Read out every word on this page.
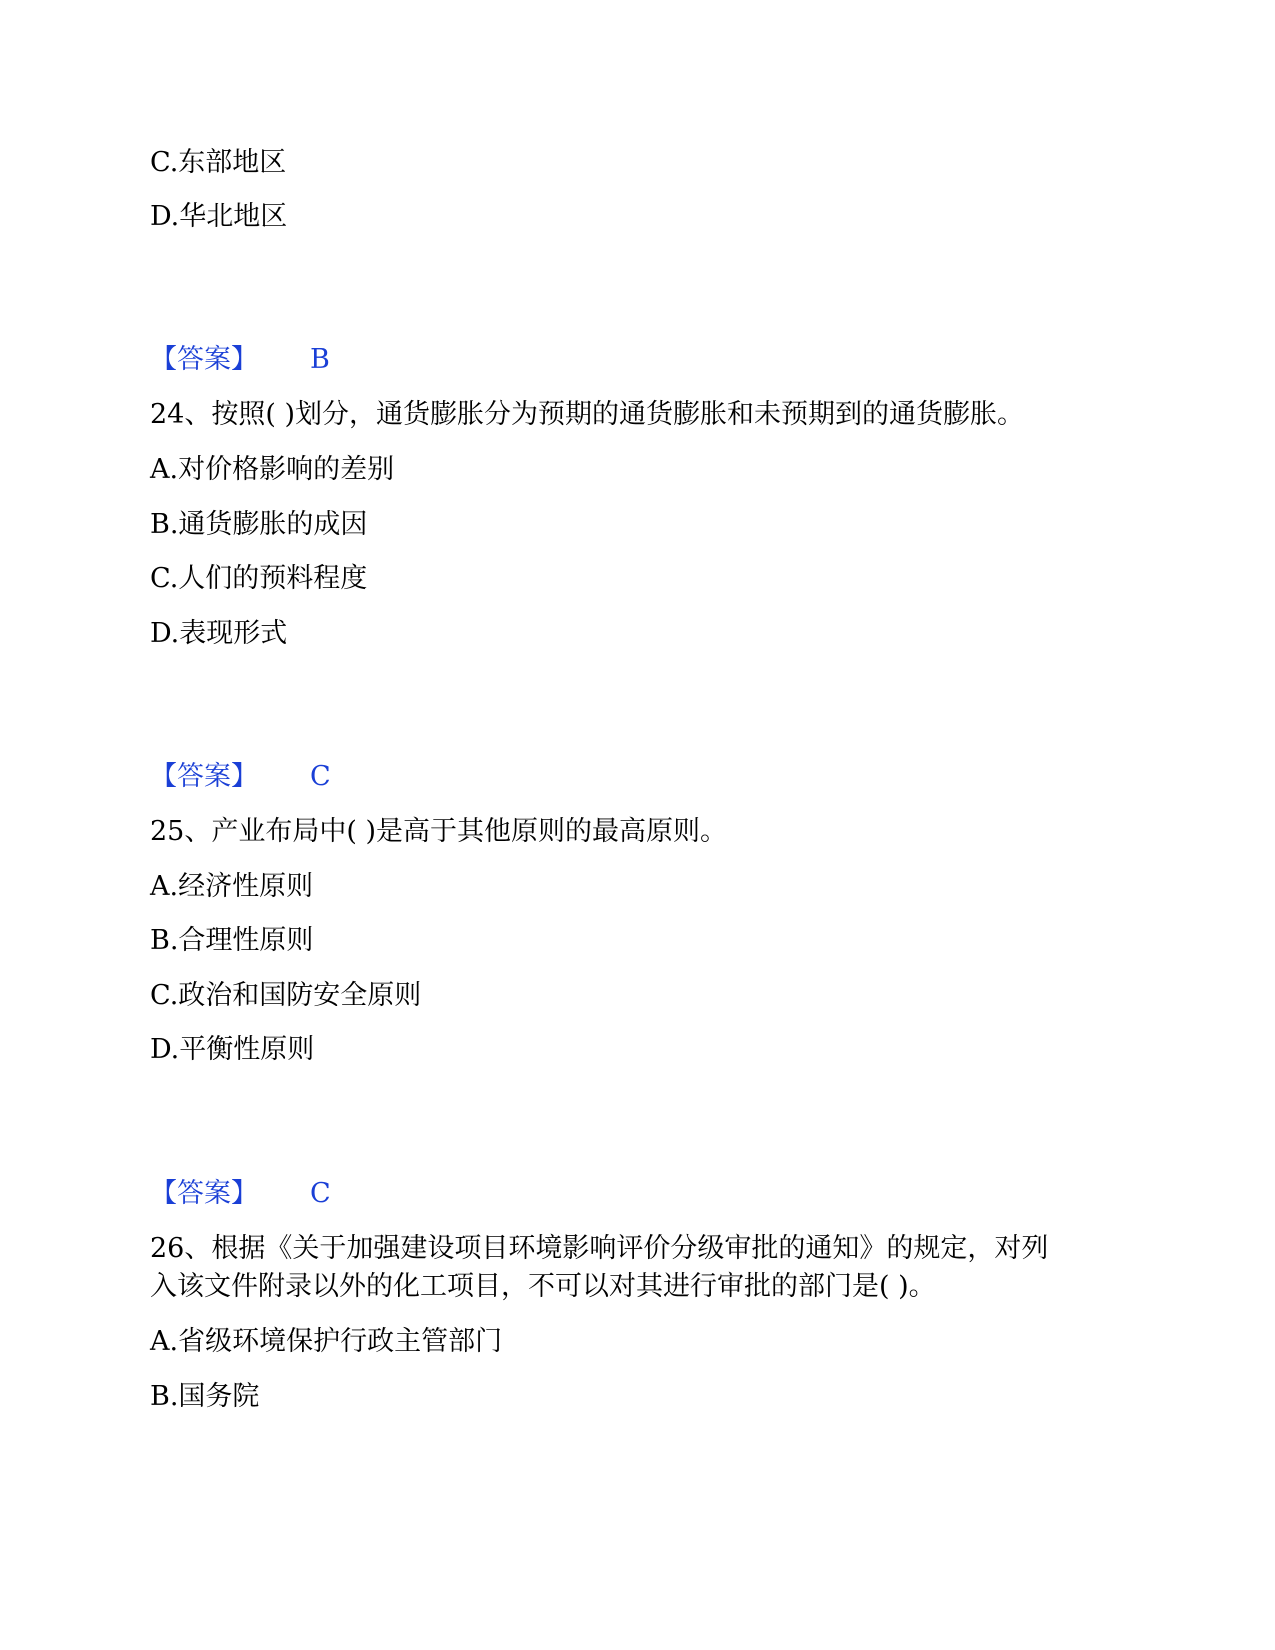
C.东部地区
D.华北地区
【答案】 B
24、按照( )划分，通货膨胀分为预期的通货膨胀和未预期到的通货膨胀。
A.对价格影响的差别
B.通货膨胀的成因
C.人们的预料程度
D.表现形式
【答案】 C
25、产业布局中( )是高于其他原则的最高原则。
A.经济性原则
B.合理性原则
C.政治和国防安全原则
D.平衡性原则
【答案】 C
26、根据《关于加强建设项目环境影响评价分级审批的通知》的规定，对列
入该文件附录以外的化工项目，不可以对其进行审批的部门是( )。
A.省级环境保护行政主管部门
B.国务院
